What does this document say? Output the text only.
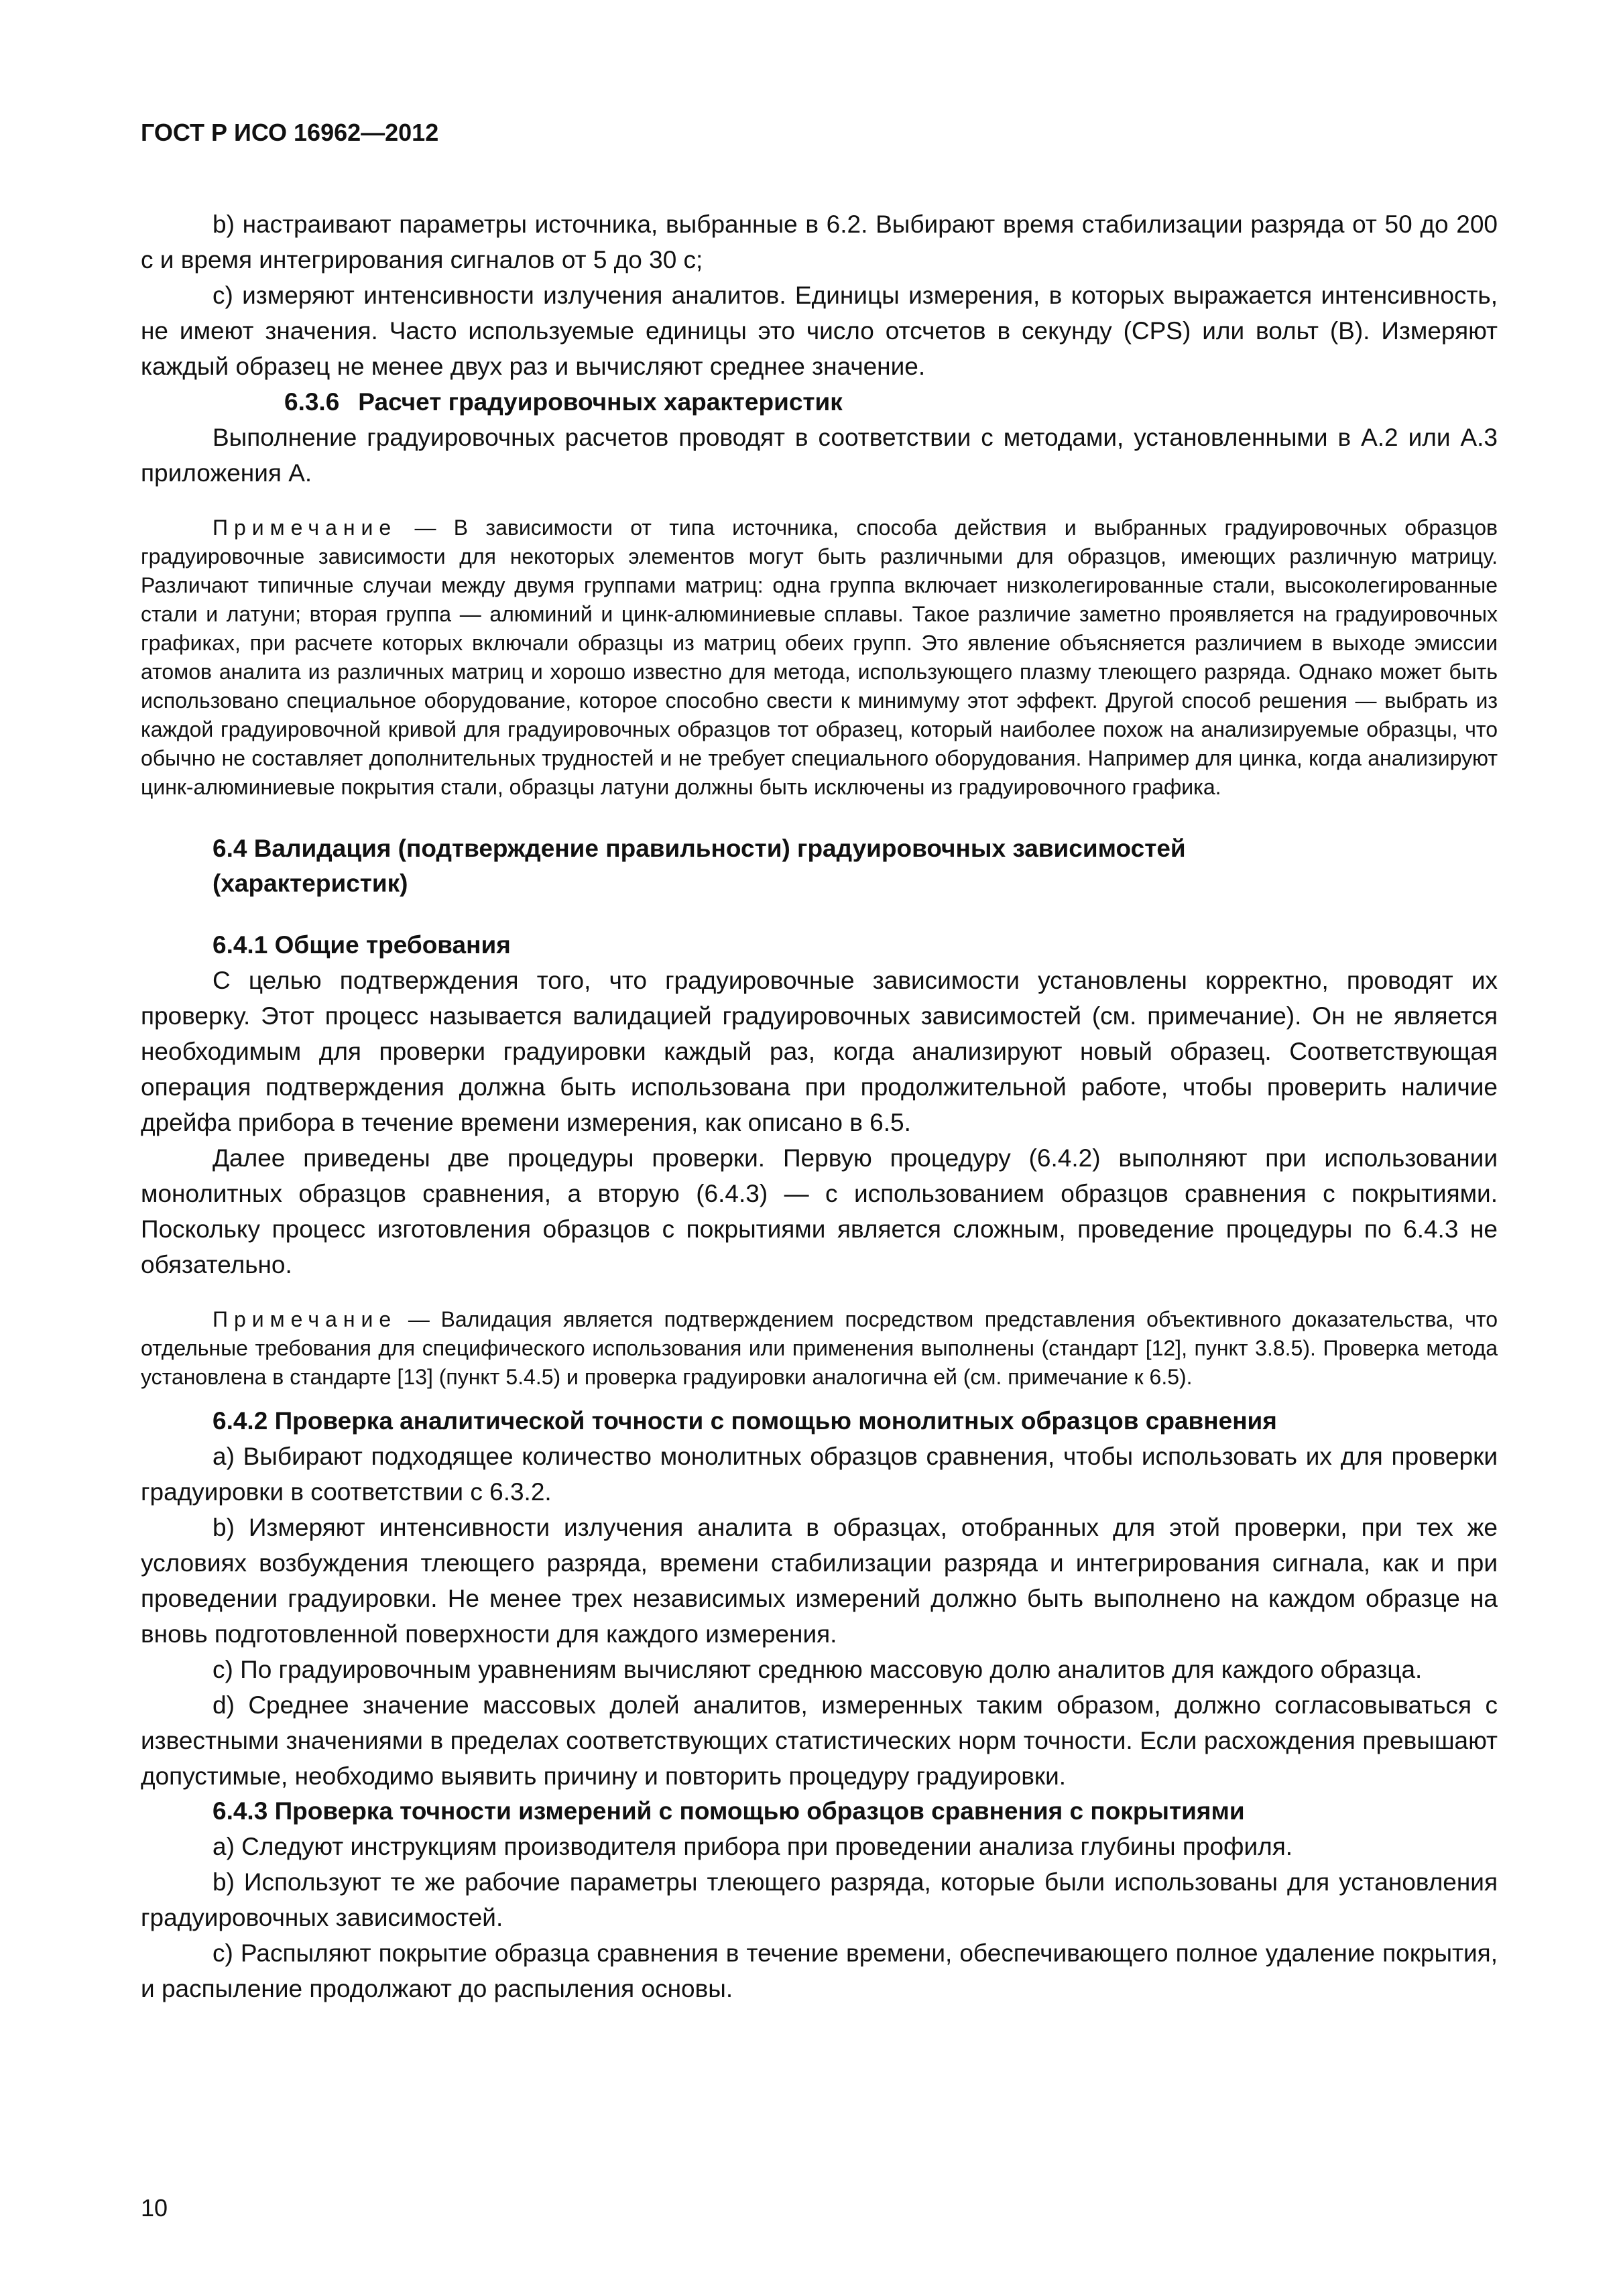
ГОСТ Р ИСО 16962—2012

b) настраивают параметры источника, выбранные в 6.2. Выбирают время стабилизации разряда от 50 до 200 с и время интегрирования сигналов от 5 до 30 с;

c) измеряют интенсивности излучения аналитов. Единицы измерения, в которых выражается интенсивность, не имеют значения. Часто используемые единицы это число отсчетов в секунду (CPS) или вольт (В). Измеряют каждый образец не менее двух раз и вычисляют среднее значение.

6.3.6 Расчет градуировочных характеристик

Выполнение градуировочных расчетов проводят в соответствии с методами, установленными в А.2 или А.3 приложения А.

Примечание — В зависимости от типа источника, способа действия и выбранных градуировочных образцов градуировочные зависимости для некоторых элементов могут быть различными для образцов, имеющих различную матрицу. Различают типичные случаи между двумя группами матриц: одна группа включает низколегированные стали, высоколегированные стали и латуни; вторая группа — алюминий и цинк-алюминиевые сплавы. Такое различие заметно проявляется на градуировочных графиках, при расчете которых включали образцы из матриц обеих групп. Это явление объясняется различием в выходе эмиссии атомов аналита из различных матриц и хорошо известно для метода, использующего плазму тлеющего разряда. Однако может быть использовано специальное оборудование, которое способно свести к минимуму этот эффект. Другой способ решения — выбрать из каждой градуировочной кривой для градуировочных образцов тот образец, который наиболее похож на анализируемые образцы, что обычно не составляет дополнительных трудностей и не требует специального оборудования. Например для цинка, когда анализируют цинк-алюминиевые покрытия стали, образцы латуни должны быть исключены из градуировочного графика.

6.4 Валидация (подтверждение правильности) градуировочных зависимостей

(характеристик)

6.4.1 Общие требования

С целью подтверждения того, что градуировочные зависимости установлены корректно, проводят их проверку. Этот процесс называется валидацией градуировочных зависимостей (см. примечание). Он не является необходимым для проверки градуировки каждый раз, когда анализируют новый образец. Соответствующая операция подтверждения должна быть использована при продолжительной работе, чтобы проверить наличие дрейфа прибора в течение времени измерения, как описано в 6.5.

Далее приведены две процедуры проверки. Первую процедуру (6.4.2) выполняют при использовании монолитных образцов сравнения, а вторую (6.4.3) — с использованием образцов сравнения с покрытиями. Поскольку процесс изготовления образцов с покрытиями является сложным, проведение процедуры по 6.4.3 не обязательно.

Примечание — Валидация является подтверждением посредством представления объективного доказательства, что отдельные требования для специфического использования или применения выполнены (стандарт [12], пункт 3.8.5). Проверка метода установлена в стандарте [13] (пункт 5.4.5) и проверка градуировки аналогична ей (см. примечание к 6.5).

6.4.2 Проверка аналитической точности с помощью монолитных образцов сравнения

а) Выбирают подходящее количество монолитных образцов сравнения, чтобы использовать их для проверки градуировки в соответствии с 6.3.2.

b) Измеряют интенсивности излучения аналита в образцах, отобранных для этой проверки, при тех же условиях возбуждения тлеющего разряда, времени стабилизации разряда и интегрирования сигнала, как и при проведении градуировки. Не менее трех независимых измерений должно быть выполнено на каждом образце на вновь подготовленной поверхности для каждого измерения.

c) По градуировочным уравнениям вычисляют среднюю массовую долю аналитов для каждого образца.

d) Среднее значение массовых долей аналитов, измеренных таким образом, должно согласовываться с известными значениями в пределах соответствующих статистических норм точности. Если расхождения превышают допустимые, необходимо выявить причину и повторить процедуру градуировки.

6.4.3 Проверка точности измерений с помощью образцов сравнения с покрытиями

а) Следуют инструкциям производителя прибора при проведении анализа глубины профиля.

b) Используют те же рабочие параметры тлеющего разряда, которые были использованы для установления градуировочных зависимостей.

c) Распыляют покрытие образца сравнения в течение времени, обеспечивающего полное удаление покрытия, и распыление продолжают до распыления основы.

10
